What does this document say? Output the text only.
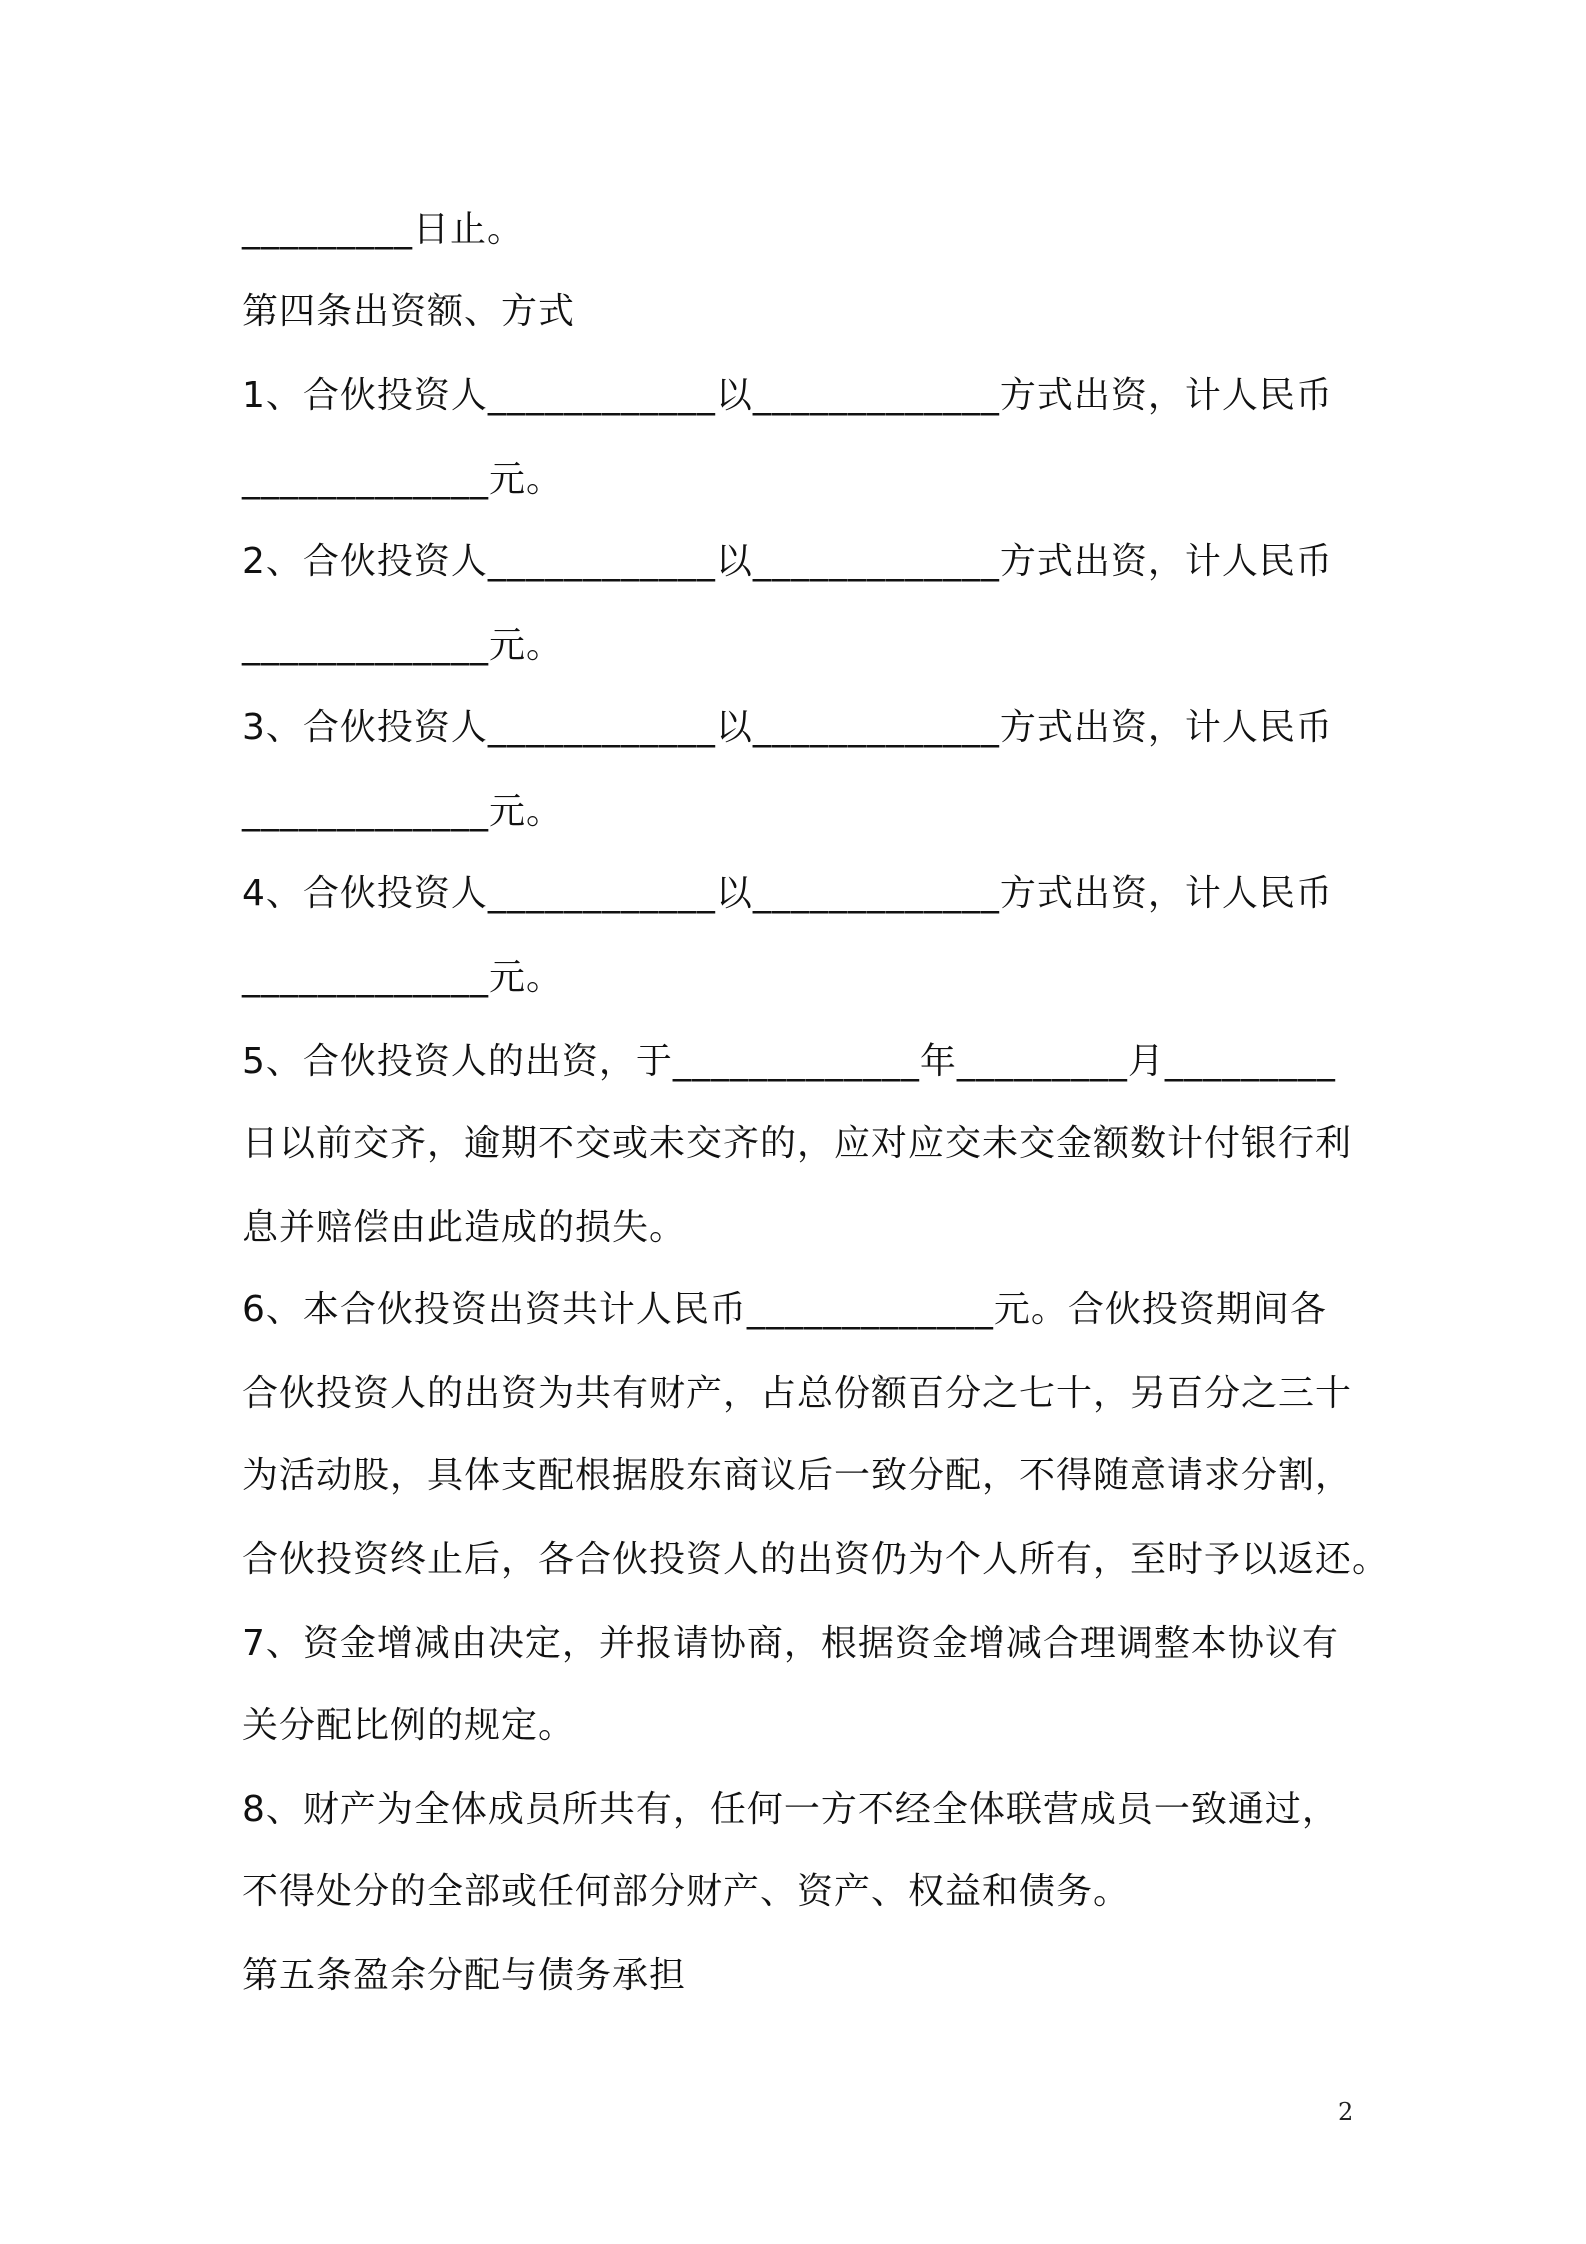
_________日止。
第四条出资额、方式
1、合伙投资人____________以_____________方式出资，计人民币
_____________元。
2、合伙投资人____________以_____________方式出资，计人民币
_____________元。
3、合伙投资人____________以_____________方式出资，计人民币
_____________元。
4、合伙投资人____________以_____________方式出资，计人民币
_____________元。
5、合伙投资人的出资，于_____________年_________月_________
日以前交齐，逾期不交或未交齐的，应对应交未交金额数计付银行利
息并赔偿由此造成的损失。
6、本合伙投资出资共计人民币_____________元。合伙投资期间各
合伙投资人的出资为共有财产，占总份额百分之七十，另百分之三十
为活动股，具体支配根据股东商议后一致分配，不得随意请求分割，
合伙投资终止后，各合伙投资人的出资仍为个人所有，至时予以返还。
7、资金增减由决定，并报请协商，根据资金增减合理调整本协议有
关分配比例的规定。
8、财产为全体成员所共有，任何一方不经全体联营成员一致通过，
不得处分的全部或任何部分财产、资产、权益和债务。
第五条盈余分配与债务承担
2
